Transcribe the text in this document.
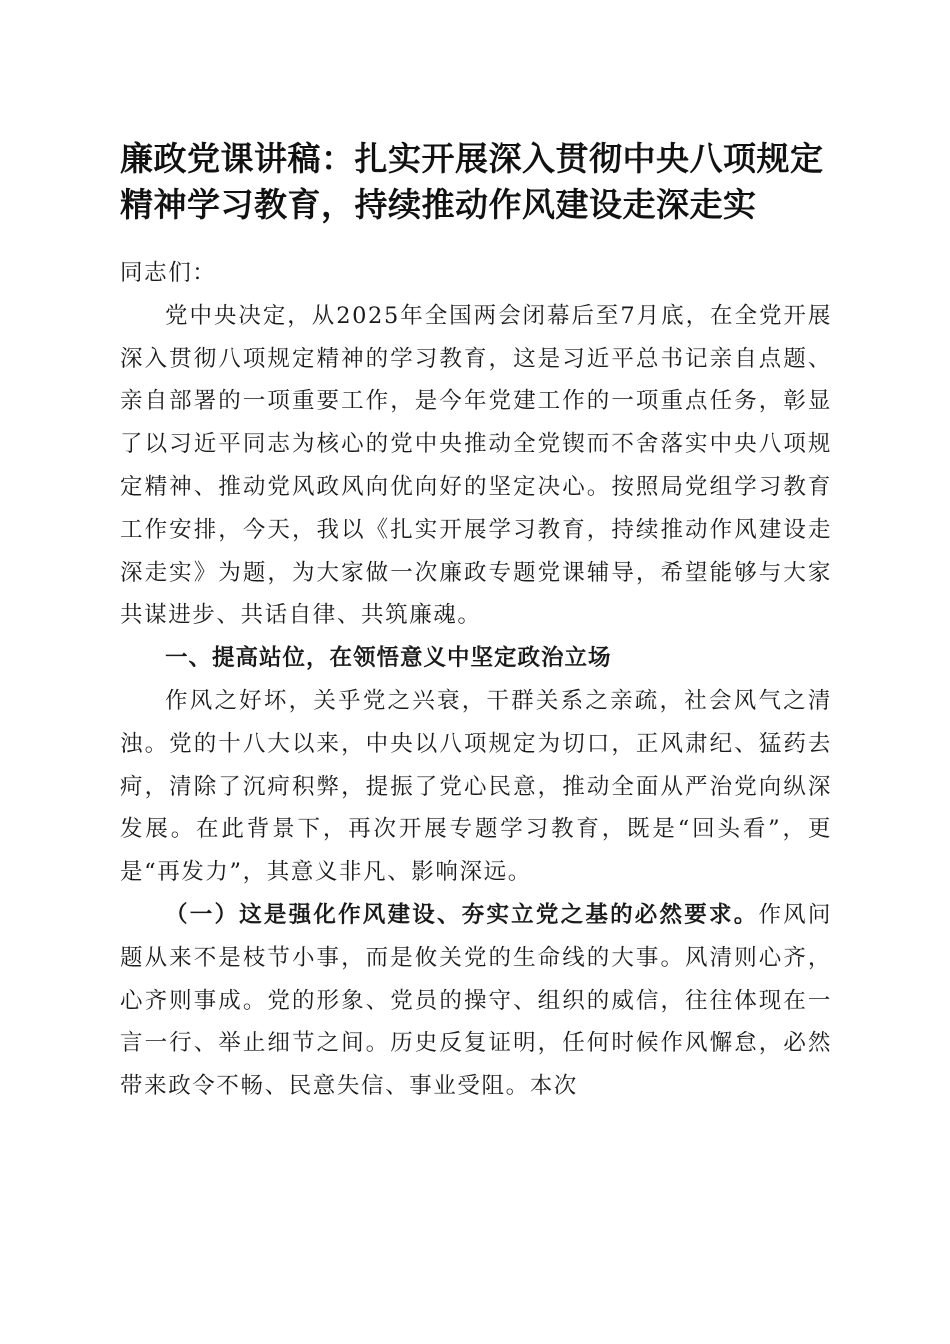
廉政党课讲稿：扎实开展深入贯彻中央八项规定精神学习教育，持续推动作风建设走深走实

同志们：

党中央决定，从2025年全国两会闭幕后至7月底，在全党开展深入贯彻八项规定精神的学习教育，这是习近平总书记亲自点题、亲自部署的一项重要工作，是今年党建工作的一项重点任务，彰显了以习近平同志为核心的党中央推动全党锲而不舍落实中央八项规定精神、推动党风政风向优向好的坚定决心。按照局党组学习教育工作安排，今天，我以《扎实开展学习教育，持续推动作风建设走深走实》为题，为大家做一次廉政专题党课辅导，希望能够与大家共谋进步、共话自律、共筑廉魂。

一、提高站位，在领悟意义中坚定政治立场

作风之好坏，关乎党之兴衰，干群关系之亲疏，社会风气之清浊。党的十八大以来，中央以八项规定为切口，正风肃纪、猛药去疴，清除了沉疴积弊，提振了党心民意，推动全面从严治党向纵深发展。在此背景下，再次开展专题学习教育，既是“回头看”，更是“再发力”，其意义非凡、影响深远。

（一）这是强化作风建设、夯实立党之基的必然要求。作风问题从来不是枝节小事，而是攸关党的生命线的大事。风清则心齐，心齐则事成。党的形象、党员的操守、组织的威信，往往体现在一言一行、举止细节之间。历史反复证明，任何时候作风懈怠，必然带来政令不畅、民意失信、事业受阻。本次
